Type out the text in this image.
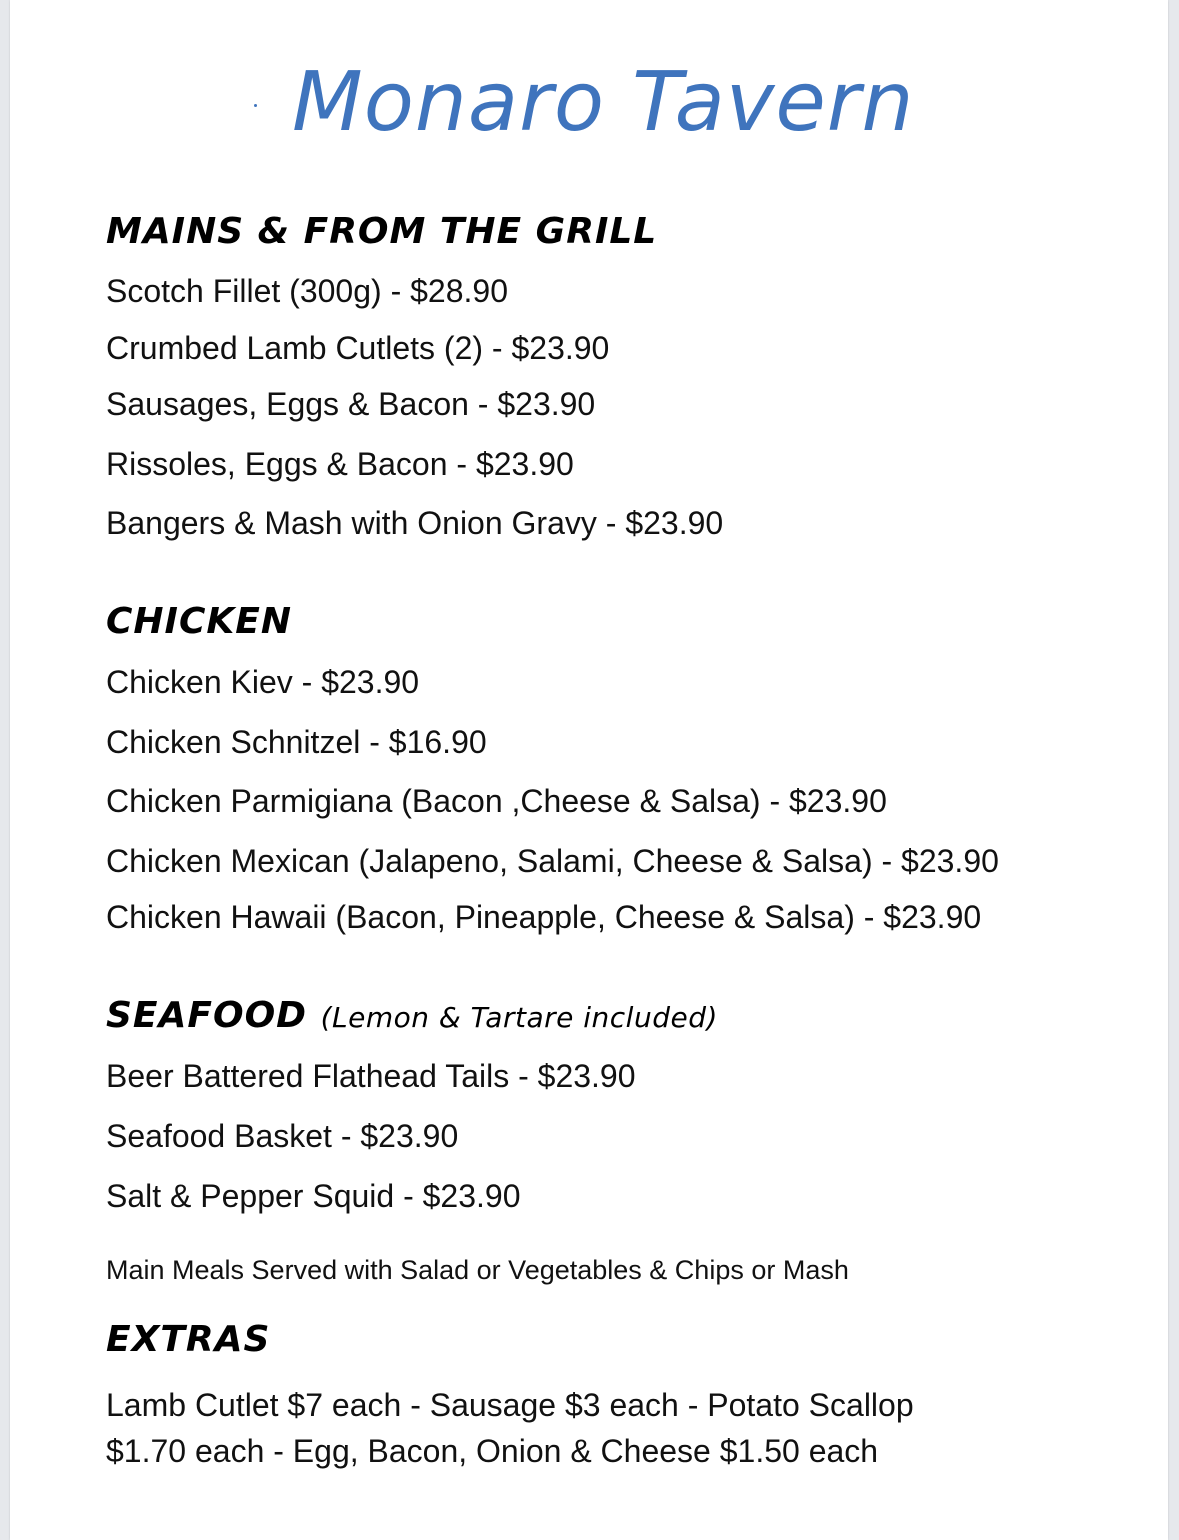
Monaro Tavern
MAINS & FROM THE GRILL
Scotch Fillet (300g) - $28.90
Crumbed Lamb Cutlets (2) - $23.90
Sausages, Eggs & Bacon - $23.90
Rissoles, Eggs & Bacon - $23.90
Bangers & Mash with Onion Gravy - $23.90
CHICKEN
Chicken Kiev - $23.90
Chicken Schnitzel - $16.90
Chicken Parmigiana (Bacon ,Cheese & Salsa) - $23.90
Chicken Mexican (Jalapeno, Salami, Cheese & Salsa) - $23.90
Chicken Hawaii (Bacon, Pineapple, Cheese & Salsa) - $23.90
SEAFOOD (Lemon & Tartare included)
Beer Battered Flathead Tails - $23.90
Seafood Basket - $23.90
Salt & Pepper Squid - $23.90
Main Meals Served with Salad or Vegetables & Chips or Mash
EXTRAS
Lamb Cutlet $7 each - Sausage $3 each - Potato Scallop
$1.70 each - Egg, Bacon, Onion & Cheese $1.50 each
